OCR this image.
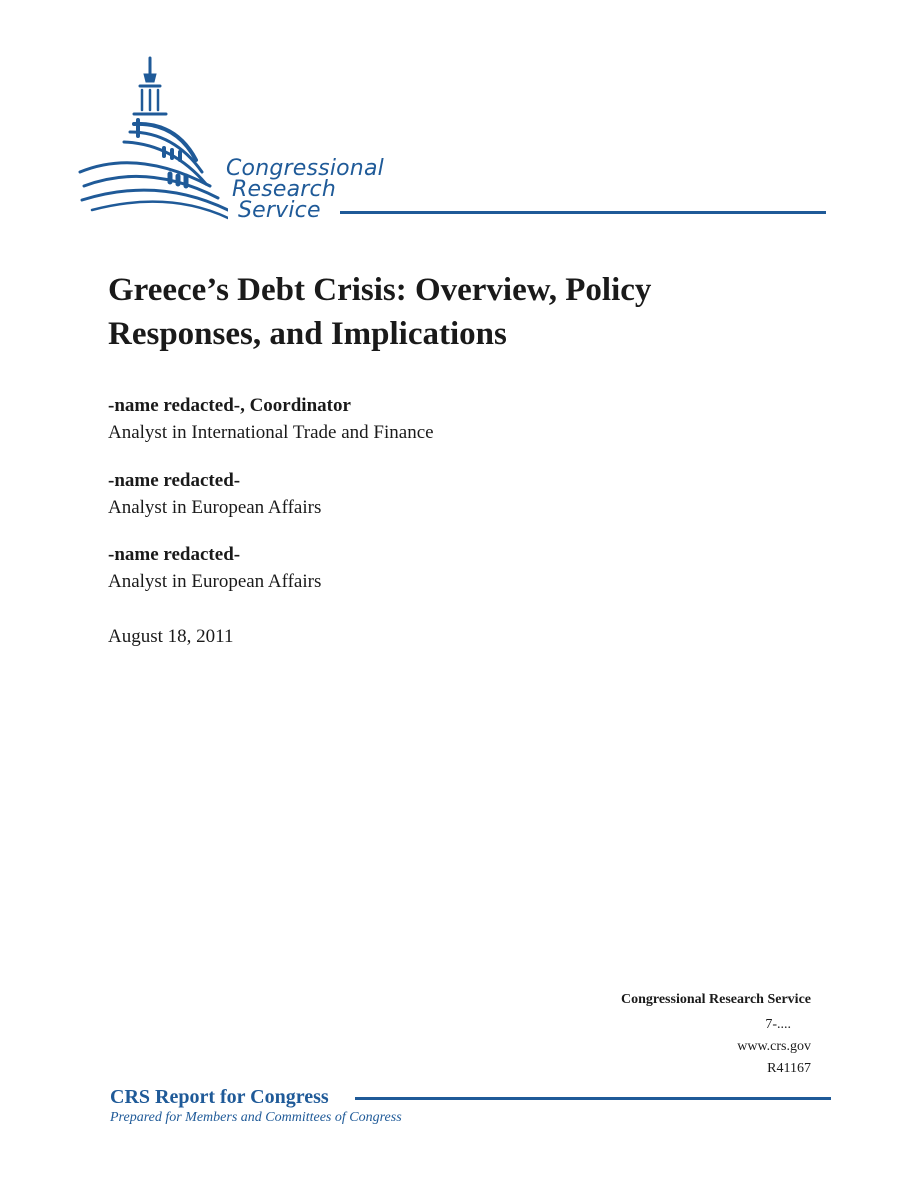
Congressional
Research
Service
Greece’s Debt Crisis: Overview, Policy Responses, and Implications
-name redacted-, Coordinator
Analyst in International Trade and Finance
-name redacted-
Analyst in European Affairs
-name redacted-
Analyst in European Affairs
August 18, 2011
Congressional Research Service
7-....
www.crs.gov
R41167
CRS Report for Congress
Prepared for Members and Committees of Congress
